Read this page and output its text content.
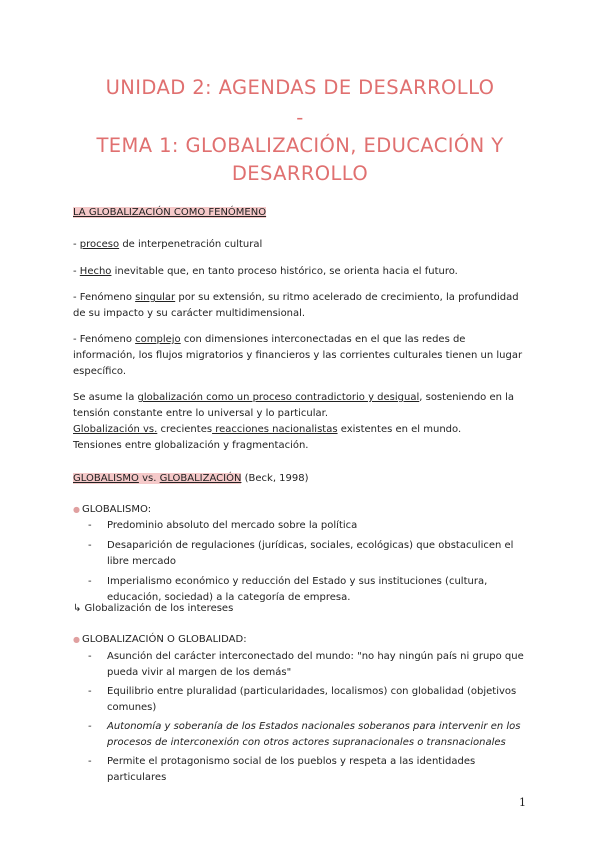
UNIDAD 2: AGENDAS DE DESARROLLO
-
TEMA 1: GLOBALIZACIÓN, EDUCACIÓN Y
DESARROLLO
LA GLOBALIZACIÓN COMO FENÓMENO
- proceso de interpenetración cultural
- Hecho inevitable que, en tanto proceso histórico, se orienta hacia el futuro.
- Fenómeno singular por su extensión, su ritmo acelerado de crecimiento, la profundidad de su impacto y su carácter multidimensional.
- Fenómeno complejo con dimensiones interconectadas en el que las redes de información, los flujos migratorios y financieros y las corrientes culturales tienen un lugar específico.
Se asume la globalización como un proceso contradictorio y desigual, sosteniendo en la tensión constante entre lo universal y lo particular.
Globalización vs. crecientes reacciones nacionalistas existentes en el mundo.
Tensiones entre globalización y fragmentación.
GLOBALISMO vs. GLOBALIZACIÓN (Beck, 1998)
● GLOBALISMO:
- Predominio absoluto del mercado sobre la política
- Desaparición de regulaciones (jurídicas, sociales, ecológicas) que obstaculicen el libre mercado
- Imperialismo económico y reducción del Estado y sus instituciones (cultura, educación, sociedad) a la categoría de empresa.
↳ Globalización de los intereses
● GLOBALIZACIÓN O GLOBALIDAD:
- Asunción del carácter interconectado del mundo: "no hay ningún país ni grupo que pueda vivir al margen de los demás"
- Equilibrio entre pluralidad (particularidades, localismos) con globalidad (objetivos comunes)
- Autonomía y soberanía de los Estados nacionales soberanos para intervenir en los procesos de interconexión con otros actores supranacionales o transnacionales
- Permite el protagonismo social de los pueblos y respeta a las identidades particulares
1
